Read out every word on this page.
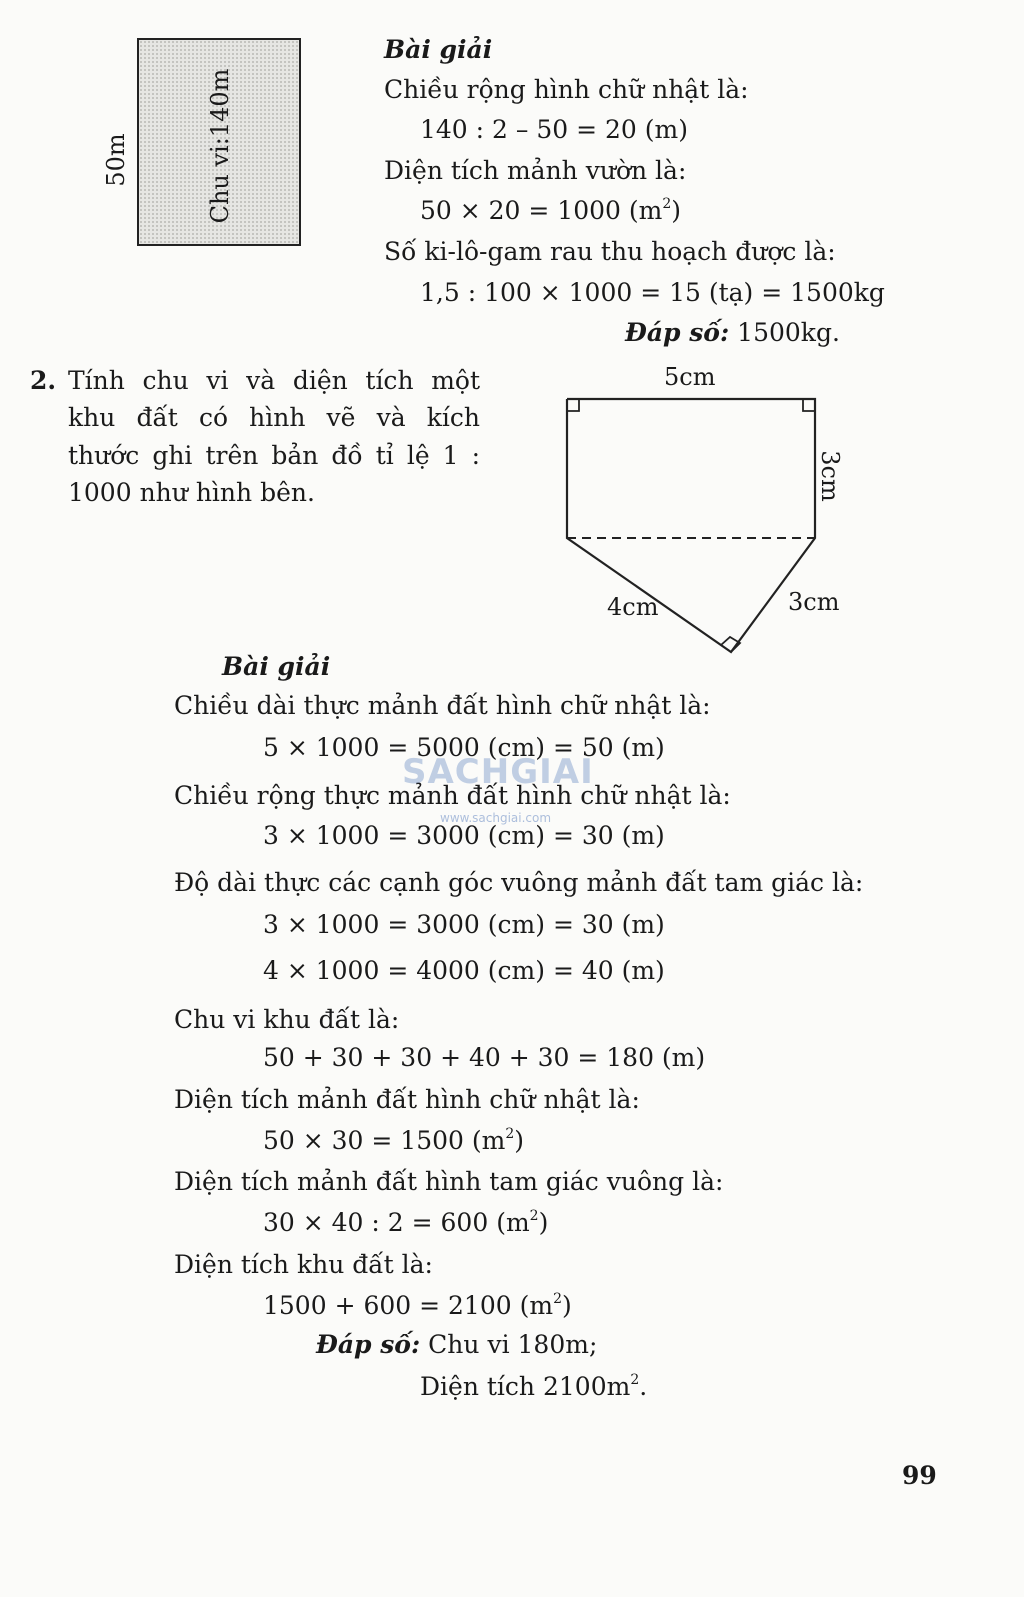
50m	Chu vi:140m
Bài giải
Chiều rộng hình chữ nhật là:
140 : 2 – 50 = 20 (m)
Diện tích mảnh vườn là:
50 × 20 = 1000 $(m^2)$
Số ki-lô-gam rau thu hoạch được là:
1,5 : 100 × 1000 = 15 (tạ) = 1500kg
Đáp số: 1500kg.
2. Tính chu vi và diện tích một
khu đất có hình vẽ và kích
thước ghi trên bản đồ tỉ lệ 1 :
1000 như hình bên.
5cm
3cm
4cm	3cm
Bài giải
Chiều dài thực mảnh đất hình chữ nhật là:
5 × 1000 = 5000 (cm) = 50 (m)
Chiều rộng thực mảnh đất hình chữ nhật là:
3 × 1000 = 3000 (cm) = 30 (m)
Độ dài thực các cạnh góc vuông mảnh đất tam giác là:
3 × 1000 = 3000 (cm) = 30 (m)
4 × 1000 = 4000 (cm) = 40 (m)
Chu vi khu đất là:
50 + 30 + 30 + 40 + 30 = 180 (m)
Diện tích mảnh đất hình chữ nhật là:
50 × 30 = 1500 $(m^2)$
Diện tích mảnh đất hình tam giác vuông là:
30 × 40 : 2 = 600 $(m^2)$
Diện tích khu đất là:
1500 + 600 = 2100 $(m^2)$
Đáp số: Chu vi 180m;
Diện tích $2100m^2$.
SACHGIAI
www.sachgiai.com
99
